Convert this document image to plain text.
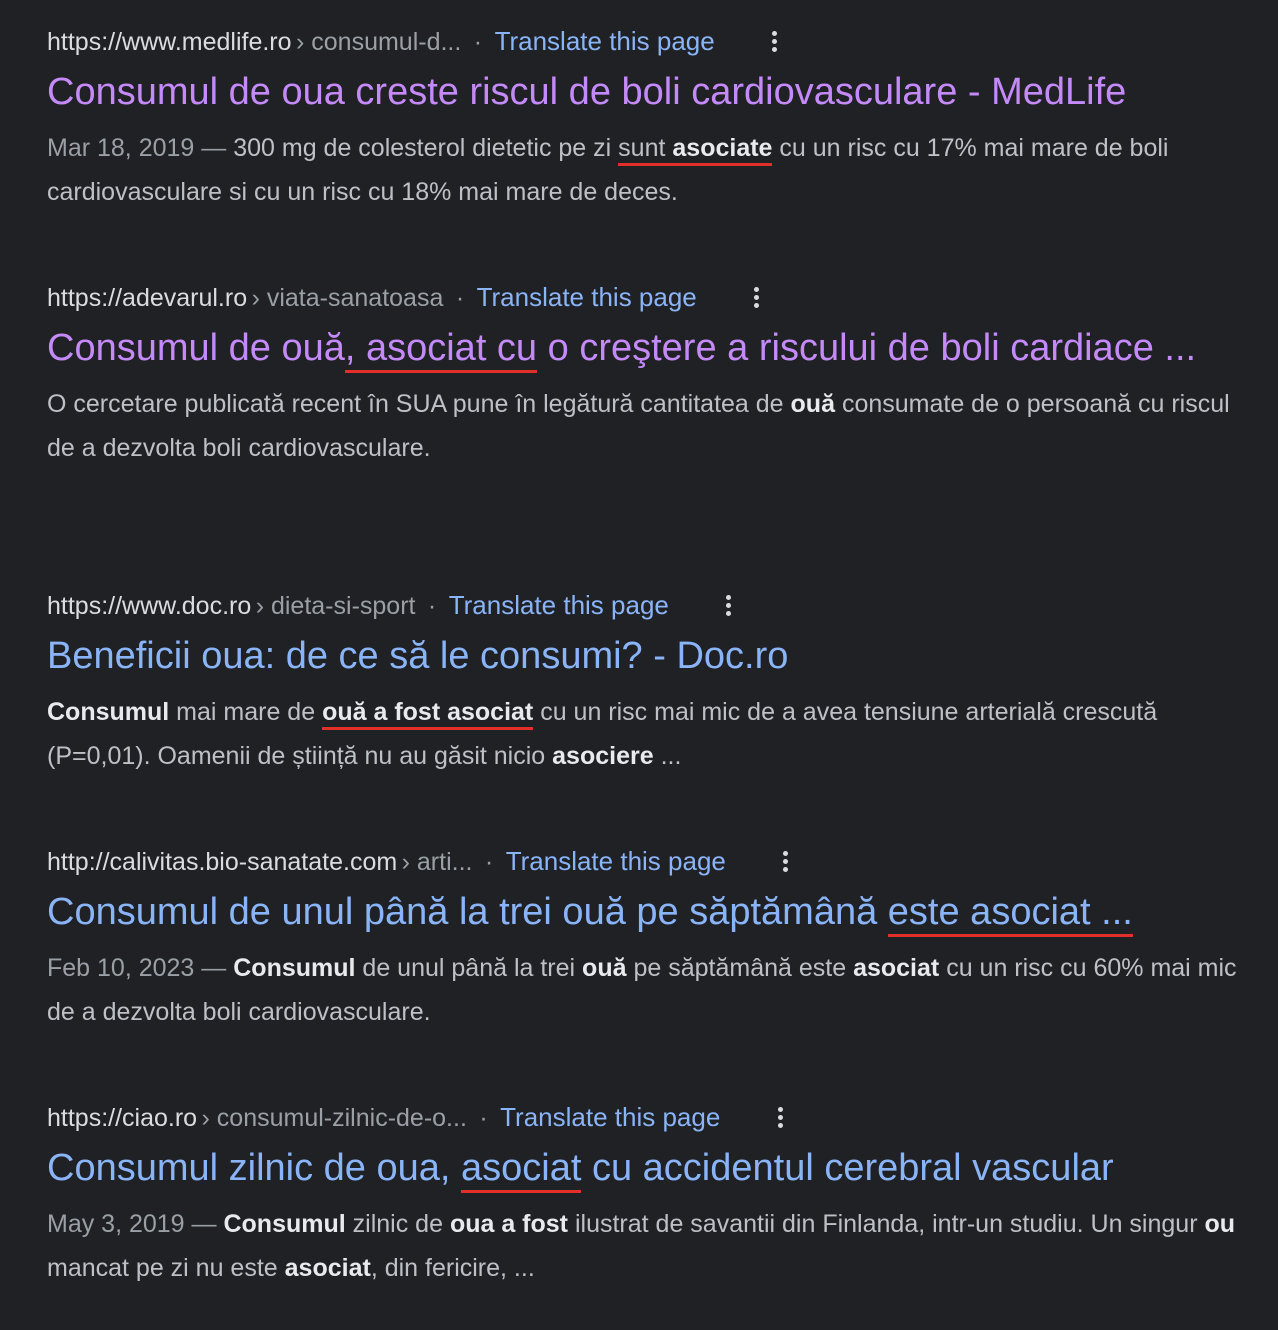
https://www.medlife.ro › consumul-d... · Translate this page
Consumul de oua creste riscul de boli cardiovasculare - MedLife
Mar 18, 2019 — 300 mg de colesterol dietetic pe zi sunt asociate cu un risc cu 17% mai mare de boli cardiovasculare si cu un risc cu 18% mai mare de deces.
https://adevarul.ro › viata-sanatoasa · Translate this page
Consumul de ouă, asociat cu o creştere a riscului de boli cardiace ...
O cercetare publicată recent în SUA pune în legătură cantitatea de ouă consumate de o persoană cu riscul de a dezvolta boli cardiovasculare.
https://www.doc.ro › dieta-si-sport · Translate this page
Beneficii oua: de ce să le consumi? - Doc.ro
Consumul mai mare de ouă a fost asociat cu un risc mai mic de a avea tensiune arterială crescută (P=0,01). Oamenii de știință nu au găsit nicio asociere ...
http://calivitas.bio-sanatate.com › arti... · Translate this page
Consumul de unul până la trei ouă pe săptămână este asociat ...
Feb 10, 2023 — Consumul de unul până la trei ouă pe săptămână este asociat cu un risc cu 60% mai mic de a dezvolta boli cardiovasculare.
https://ciao.ro › consumul-zilnic-de-o... · Translate this page
Consumul zilnic de oua, asociat cu accidentul cerebral vascular
May 3, 2019 — Consumul zilnic de oua a fost ilustrat de savantii din Finlanda, intr-un studiu. Un singur ou mancat pe zi nu este asociat, din fericire, ...
